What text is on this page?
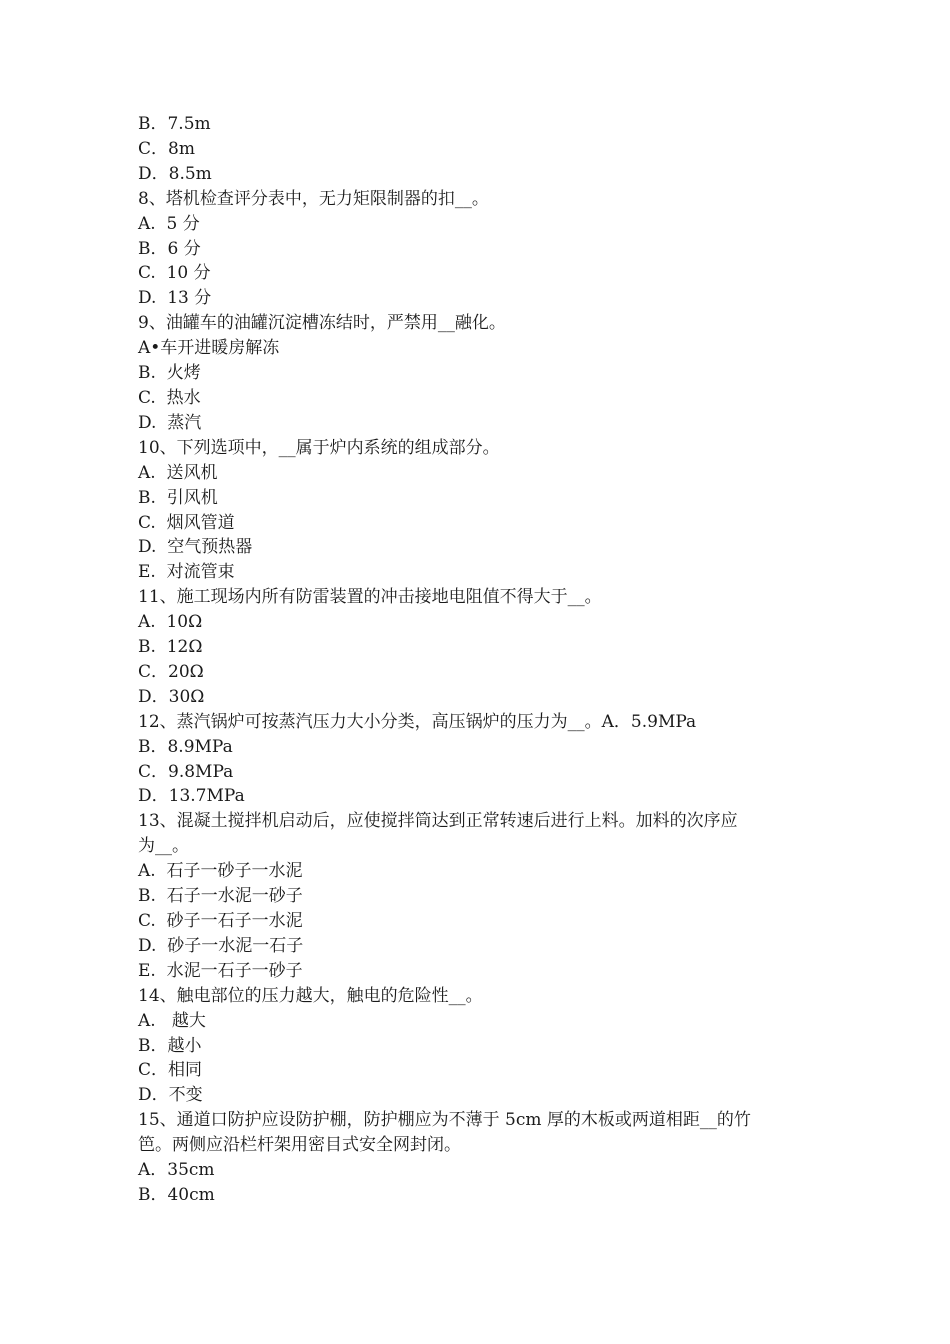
B．7.5m

C．8m

D．8.5m

8、塔机检查评分表中，无力矩限制器的扣__。

A.  5 分

B．6 分

C.  10 分

D.  13 分

9、油罐车的油罐沉淀槽冻结时，严禁用__融化。

A•车开进暖房解冻

B.  火烤

C.  热水

D.  蒸汽

10、下列选项中，__属于炉内系统的组成部分。

A.  送风机

B.  引风机

C.  烟风管道

D.  空气预热器

E.  对流管束

11、施工现场内所有防雷装置的冲击接地电阻值不得大于__。

A.  10Ω

B.  12Ω

C．20Ω

D．30Ω

12、蒸汽锅炉可按蒸汽压力大小分类，高压锅炉的压力为__。A．5.9MPa

B．8.9MPa

C．9.8MPa

D．13.7MPa

13、混凝土搅拌机启动后，应使搅拌筒达到正常转速后进行上料。加料的次序应

为__。

A.  石子一砂子一水泥

B.  石子一水泥一砂子

C.  砂子一石子一水泥

D.  砂子一水泥一石子

E.  水泥一石子一砂子

14、触电部位的压力越大，触电的危险性__。

A.   越大

B．越小

C．相同

D．不变

15、通道口防护应设防护棚，防护棚应为不薄于 5cm 厚的木板或两道相距__的竹

笆。两侧应沿栏杆架用密目式安全网封闭。

A．35cm

B．40cm
